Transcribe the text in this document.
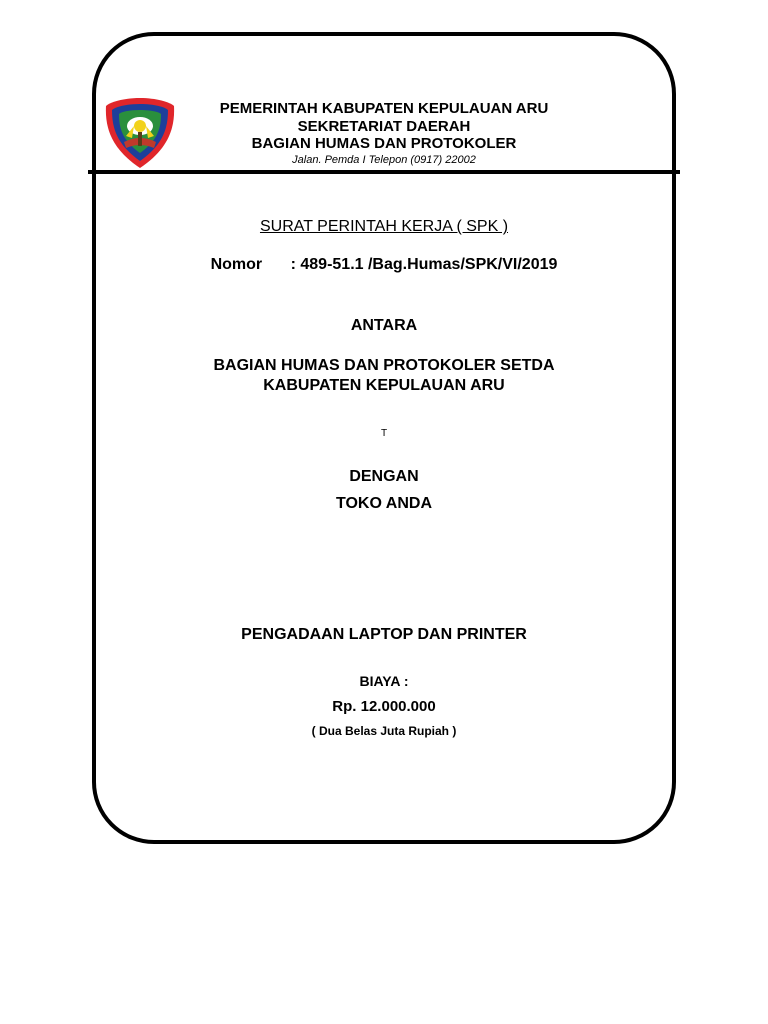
PEMERINTAH KABUPATEN KEPULAUAN ARU
SEKRETARIAT DAERAH
BAGIAN HUMAS DAN PROTOKOLER
Jalan. Pemda I Telepon (0917) 22002
SURAT PERINTAH KERJA ( SPK )
Nomor : 489-51.1 /Bag.Humas/SPK/VI/2019
ANTARA
BAGIAN HUMAS DAN PROTOKOLER SETDA
KABUPATEN KEPULAUAN ARU
T
DENGAN
TOKO ANDA
PENGADAAN LAPTOP DAN PRINTER
BIAYA :
Rp. 12.000.000
( Dua Belas Juta Rupiah )
